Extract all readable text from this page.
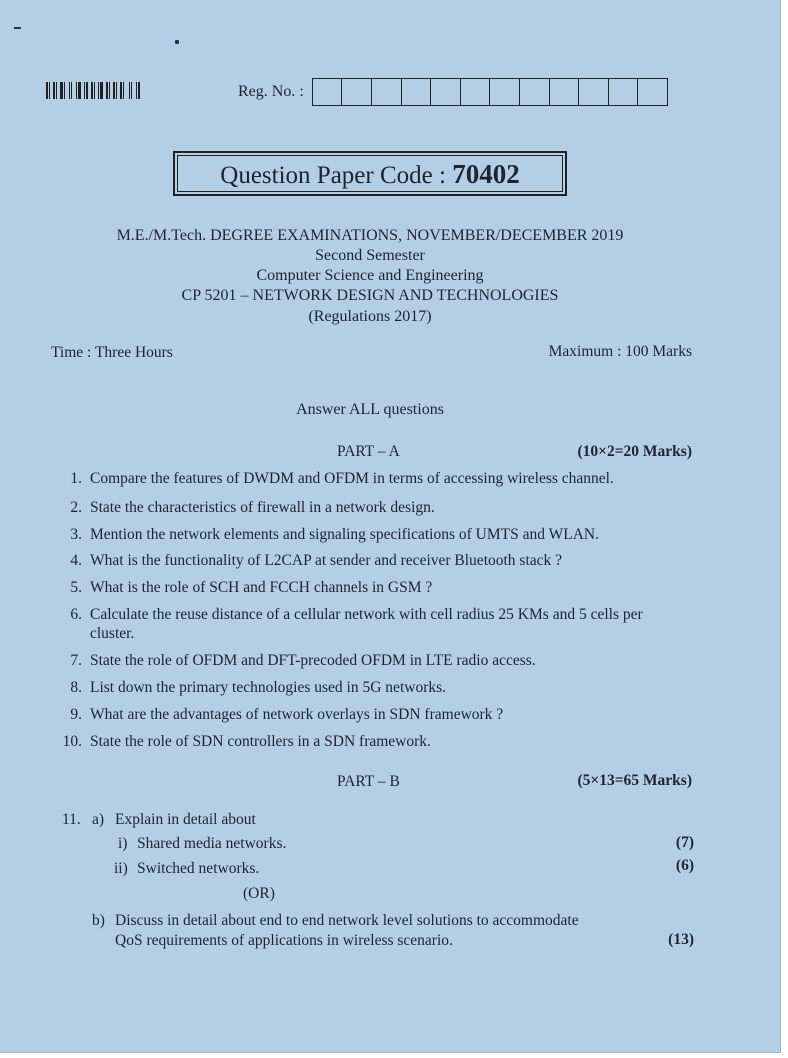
Reg. No. :
Question Paper Code : 70402
M.E./M.Tech. DEGREE EXAMINATIONS, NOVEMBER/DECEMBER 2019
Second Semester
Computer Science and Engineering
CP 5201 – NETWORK DESIGN AND TECHNOLOGIES
(Regulations 2017)
Time : Three Hours	Maximum : 100 Marks
Answer ALL questions
PART – A	(10×2=20 Marks)
1. Compare the features of DWDM and OFDM in terms of accessing wireless channel.
2. State the characteristics of firewall in a network design.
3. Mention the network elements and signaling specifications of UMTS and WLAN.
4. What is the functionality of L2CAP at sender and receiver Bluetooth stack ?
5. What is the role of SCH and FCCH channels in GSM ?
6. Calculate the reuse distance of a cellular network with cell radius 25 KMs and 5 cells per cluster.
7. State the role of OFDM and DFT-precoded OFDM in LTE radio access.
8. List down the primary technologies used in 5G networks.
9. What are the advantages of network overlays in SDN framework ?
10. State the role of SDN controllers in a SDN framework.
PART – B	(5×13=65 Marks)
11. a) Explain in detail about
i) Shared media networks.	(7)
ii) Switched networks.	(6)
(OR)
b) Discuss in detail about end to end network level solutions to accommodate
QoS requirements of applications in wireless scenario.	(13)
